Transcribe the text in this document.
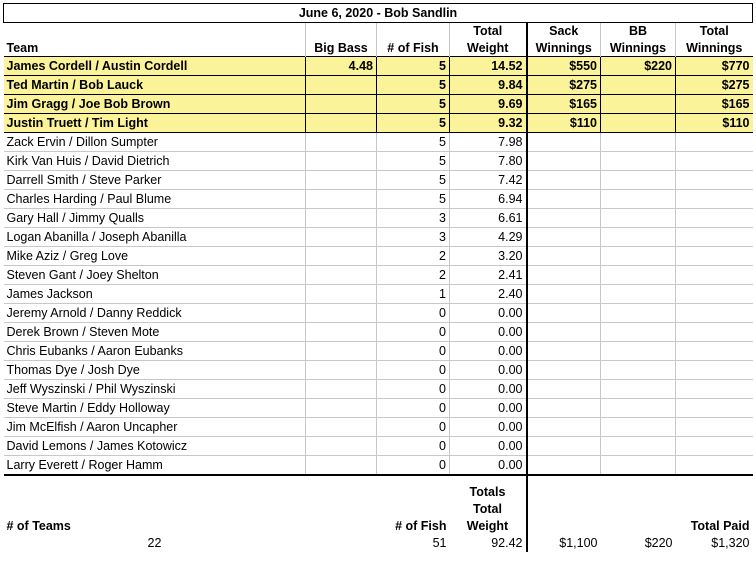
June 6, 2020 - Bob Sandlin						
			Total	Sack	BB	Total
Team	Big Bass	# of Fish	Weight	Winnings	Winnings	Winnings
James Cordell / Austin Cordell	4.48	5	14.52	$550	$220	$770
Ted Martin / Bob Lauck		5	9.84	$275		$275
Jim Gragg / Joe Bob Brown		5	9.69	$165		$165
Justin Truett / Tim Light		5	9.32	$110		$110
Zack Ervin / Dillon Sumpter		5	7.98			
Kirk Van Huis / David Dietrich		5	7.80			
Darrell Smith / Steve Parker		5	7.42			
Charles Harding / Paul Blume		5	6.94			
Gary Hall / Jimmy Qualls		3	6.61			
Logan Abanilla / Joseph Abanilla		3	4.29			
Mike Aziz / Greg Love		2	3.20			
Steven Gant / Joey Shelton		2	2.41			
James Jackson		1	2.40			
Jeremy Arnold / Danny Reddick		0	0.00			
Derek Brown / Steven Mote		0	0.00			
Chris Eubanks / Aaron Eubanks		0	0.00			
Thomas Dye / Josh Dye		0	0.00			
Jeff Wyszinski / Phil Wyszinski		0	0.00			
Steve Martin / Eddy Holloway		0	0.00			
Jim McElfish / Aaron Uncapher		0	0.00			
David Lemons / James Kotowicz		0	0.00			
Larry Everett / Roger Hamm		0	0.00			

			Totals			
			Total			
# of Teams		# of Fish	Weight			Total Paid
22		51	92.42	$1,100	$220	$1,320
